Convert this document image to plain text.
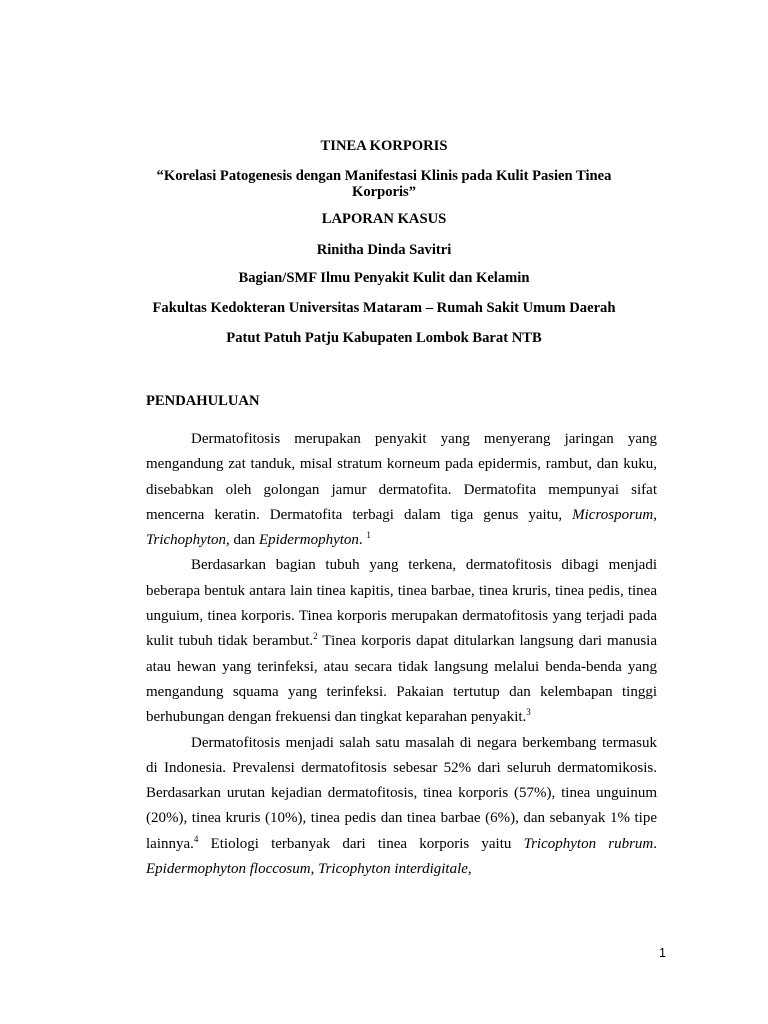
TINEA KORPORIS
“Korelasi Patogenesis dengan Manifestasi Klinis pada Kulit Pasien Tinea
Korporis”
LAPORAN KASUS
Rinitha Dinda Savitri
Bagian/SMF Ilmu Penyakit Kulit dan Kelamin
Fakultas Kedokteran Universitas Mataram – Rumah Sakit Umum Daerah
Patut Patuh Patju Kabupaten Lombok Barat NTB
PENDAHULUAN

Dermatofitosis merupakan penyakit yang menyerang jaringan yang mengandung zat tanduk, misal stratum korneum pada epidermis, rambut, dan kuku, disebabkan oleh golongan jamur dermatofita. Dermatofita mempunyai sifat mencerna keratin. Dermatofita terbagi dalam tiga genus yaitu, Microsporum, Trichophyton, dan Epidermophyton. $^1$

Berdasarkan bagian tubuh yang terkena, dermatofitosis dibagi menjadi beberapa bentuk antara lain tinea kapitis, tinea barbae, tinea kruris, tinea pedis, tinea unguium, tinea korporis. Tinea korporis merupakan dermatofitosis yang terjadi pada kulit tubuh tidak berambut.$^2$ Tinea korporis dapat ditularkan langsung dari manusia atau hewan yang terinfeksi, atau secara tidak langsung melalui benda-benda yang mengandung squama yang terinfeksi. Pakaian tertutup dan kelembapan tinggi berhubungan dengan frekuensi dan tingkat keparahan penyakit.$^3$

Dermatofitosis menjadi salah satu masalah di negara berkembang termasuk di Indonesia. Prevalensi dermatofitosis sebesar 52% dari seluruh dermatomikosis. Berdasarkan urutan kejadian dermatofitosis, tinea korporis (57%), tinea unguinum (20%), tinea kruris (10%), tinea pedis dan tinea barbae (6%), dan sebanyak 1% tipe lainnya.$^4$ Etiologi terbanyak dari tinea korporis yaitu Tricophyton rubrum. Epidermophyton floccosum, Tricophyton interdigitale,

1
